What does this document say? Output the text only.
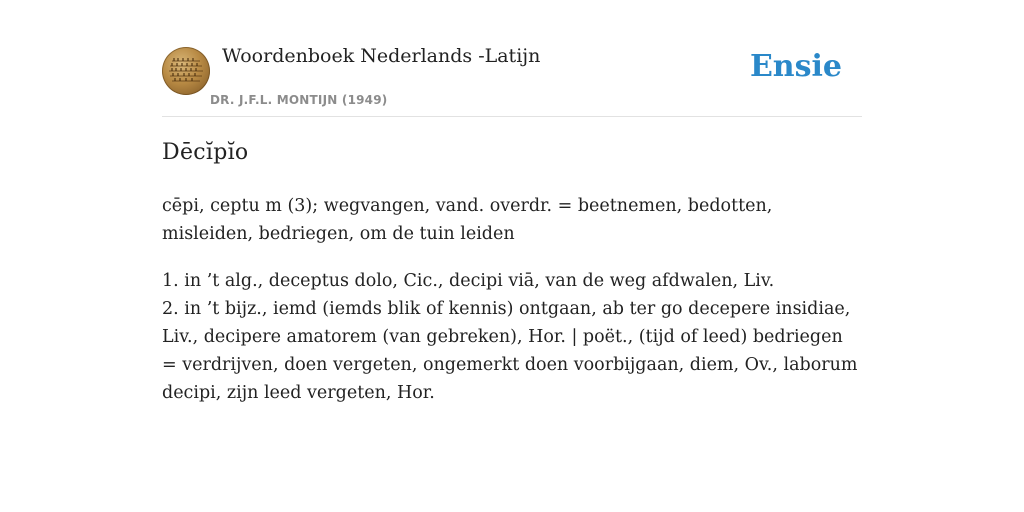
Woordenboek Nederlands -Latijn
DR. J.F.L. MONTIJN (1949)
Ensie
Dēcĭpĭo

cēpi, ceptu m (3); wegvangen, vand. overdr. = beetnemen, bedotten, misleiden, bedriegen, om de tuin leiden

1. in ’t alg., deceptus dolo, Cic., decipi viā, van de weg afdwalen, Liv.
2. in ’t bijz., iemd (iemds blik of kennis) ontgaan, ab ter go decepere insidiae, Liv., decipere amatorem (van gebreken), Hor. | poët., (tijd of leed) bedriegen = verdrijven, doen vergeten, ongemerkt doen voorbijgaan, diem, Ov., laborum decipi, zijn leed vergeten, Hor.
